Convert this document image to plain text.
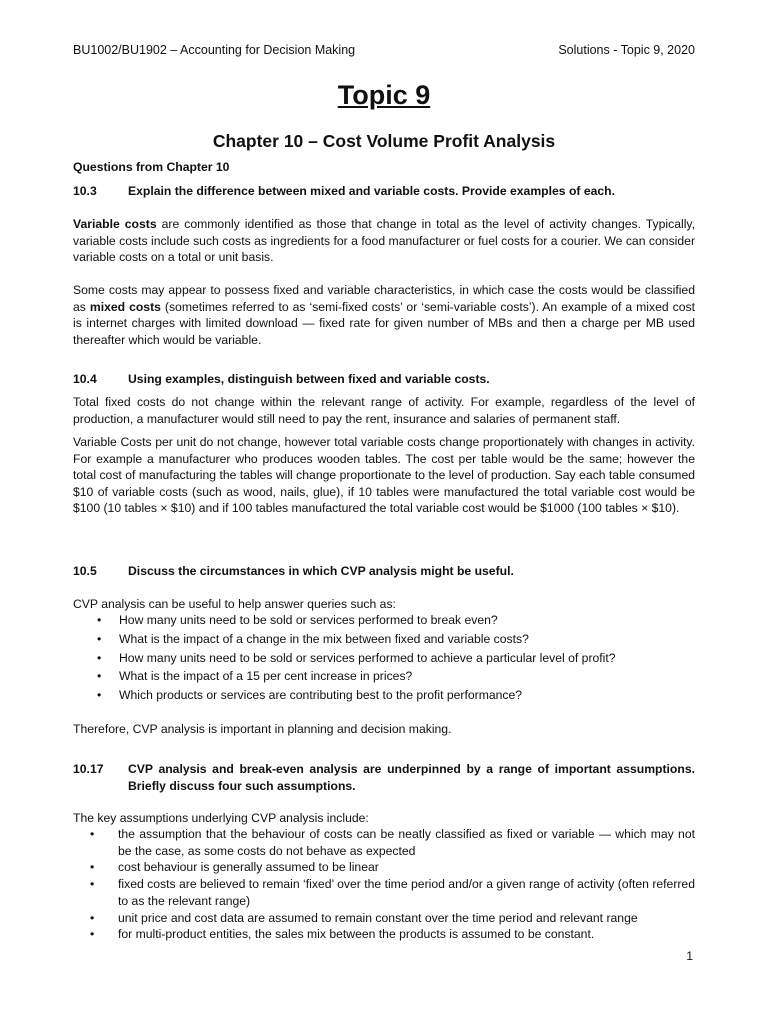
BU1002/BU1902 – Accounting for Decision Making	Solutions - Topic 9, 2020
Topic 9
Chapter 10 – Cost Volume Profit Analysis
Questions from Chapter 10
10.3	Explain the difference between mixed and variable costs. Provide examples of each.

Variable costs are commonly identified as those that change in total as the level of activity changes. Typically, variable costs include such costs as ingredients for a food manufacturer or fuel costs for a courier. We can consider variable costs on a total or unit basis.

Some costs may appear to possess fixed and variable characteristics, in which case the costs would be classified as mixed costs (sometimes referred to as ‘semi-fixed costs’ or ‘semi-variable costs’). An example of a mixed cost is internet charges with limited download — fixed rate for given number of MBs and then a charge per MB used thereafter which would be variable.

10.4	Using examples, distinguish between fixed and variable costs.

Total fixed costs do not change within the relevant range of activity. For example, regardless of the level of production, a manufacturer would still need to pay the rent, insurance and salaries of permanent staff.

Variable Costs per unit do not change, however total variable costs change proportionately with changes in activity. For example a manufacturer who produces wooden tables. The cost per table would be the same; however the total cost of manufacturing the tables will change proportionate to the level of production. Say each table consumed $10 of variable costs (such as wood, nails, glue), if 10 tables were manufactured the total variable cost would be $100 (10 tables × $10) and if 100 tables manufactured the total variable cost would be $1000 (100 tables × $10).

10.5	Discuss the circumstances in which CVP analysis might be useful.
CVP analysis can be useful to help answer queries such as:
• How many units need to be sold or services performed to break even?
• What is the impact of a change in the mix between fixed and variable costs?
• How many units need to be sold or services performed to achieve a particular level of profit?
• What is the impact of a 15 per cent increase in prices?
• Which products or services are contributing best to the profit performance?
Therefore, CVP analysis is important in planning and decision making.
10.17 CVP analysis and break-even analysis are underpinned by a range of important assumptions. Briefly discuss four such assumptions.
The key assumptions underlying CVP analysis include:
• the assumption that the behaviour of costs can be neatly classified as fixed or variable — which may not be the case, as some costs do not behave as expected
• cost behaviour is generally assumed to be linear
• fixed costs are believed to remain ‘fixed’ over the time period and/or a given range of activity (often referred to as the relevant range)
• unit price and cost data are assumed to remain constant over the time period and relevant range
• for multi-product entities, the sales mix between the products is assumed to be constant.
1
